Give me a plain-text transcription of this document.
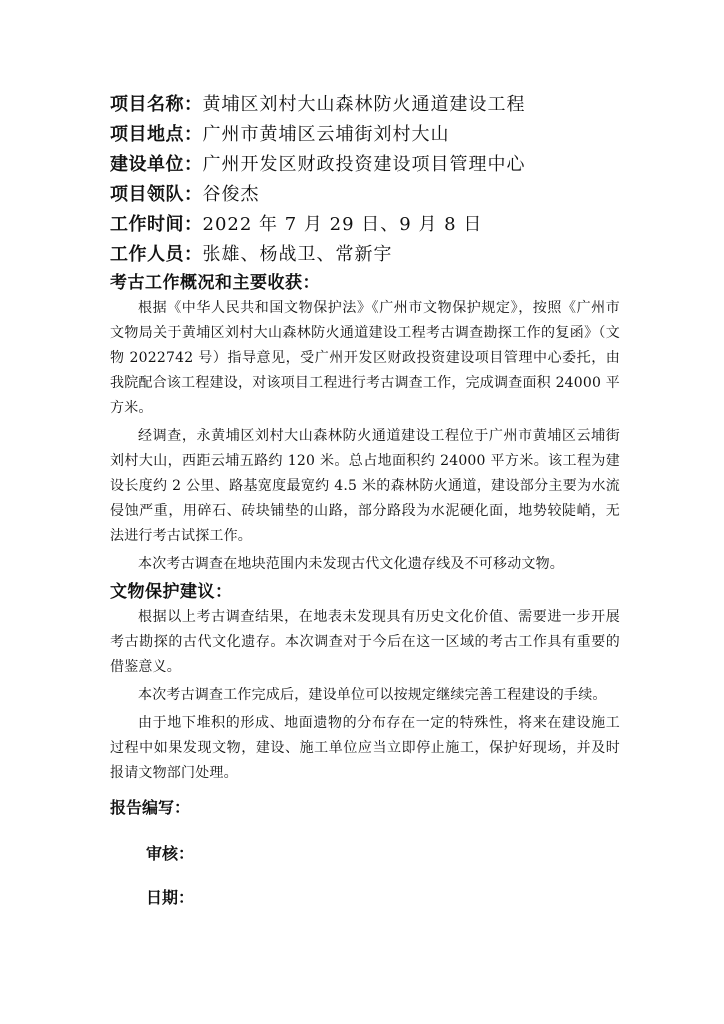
项目名称：黄埔区刘村大山森林防火通道建设工程
项目地点：广州市黄埔区云埔街刘村大山
建设单位：广州开发区财政投资建设项目管理中心
项目领队：谷俊杰
工作时间：2022 年 7 月 29 日、9 月 8 日
工作人员：张雄、杨战卫、常新宇
考古工作概况和主要收获：

根据《中华人民共和国文物保护法》《广州市文物保护规定》，按照《广州市文物局关于黄埔区刘村大山森林防火通道建设工程考古调查勘探工作的复函》（文物 2022742 号）指导意见，受广州开发区财政投资建设项目管理中心委托，由我院配合该工程建设，对该项目工程进行考古调查工作，完成调查面积 24000 平方米。

经调查，永黄埔区刘村大山森林防火通道建设工程位于广州市黄埔区云埔街刘村大山，西距云埔五路约 120 米。总占地面积约 24000 平方米。该工程为建设长度约 2 公里、路基宽度最宽约 4.5 米的森林防火通道，建设部分主要为水流侵蚀严重，用碎石、砖块铺垫的山路，部分路段为水泥硬化面，地势较陡峭，无法进行考古试探工作。

本次考古调查在地块范围内未发现古代文化遗存线及不可移动文物。

文物保护建议：

根据以上考古调查结果，在地表未发现具有历史文化价值、需要进一步开展考古勘探的古代文化遗存。本次调查对于今后在这一区域的考古工作具有重要的借鉴意义。

本次考古调查工作完成后，建设单位可以按规定继续完善工程建设的手续。

由于地下堆积的形成、地面遗物的分布存在一定的特殊性，将来在建设施工过程中如果发现文物，建设、施工单位应当立即停止施工，保护好现场，并及时报请文物部门处理。

报告编写：
审核：
日期：
